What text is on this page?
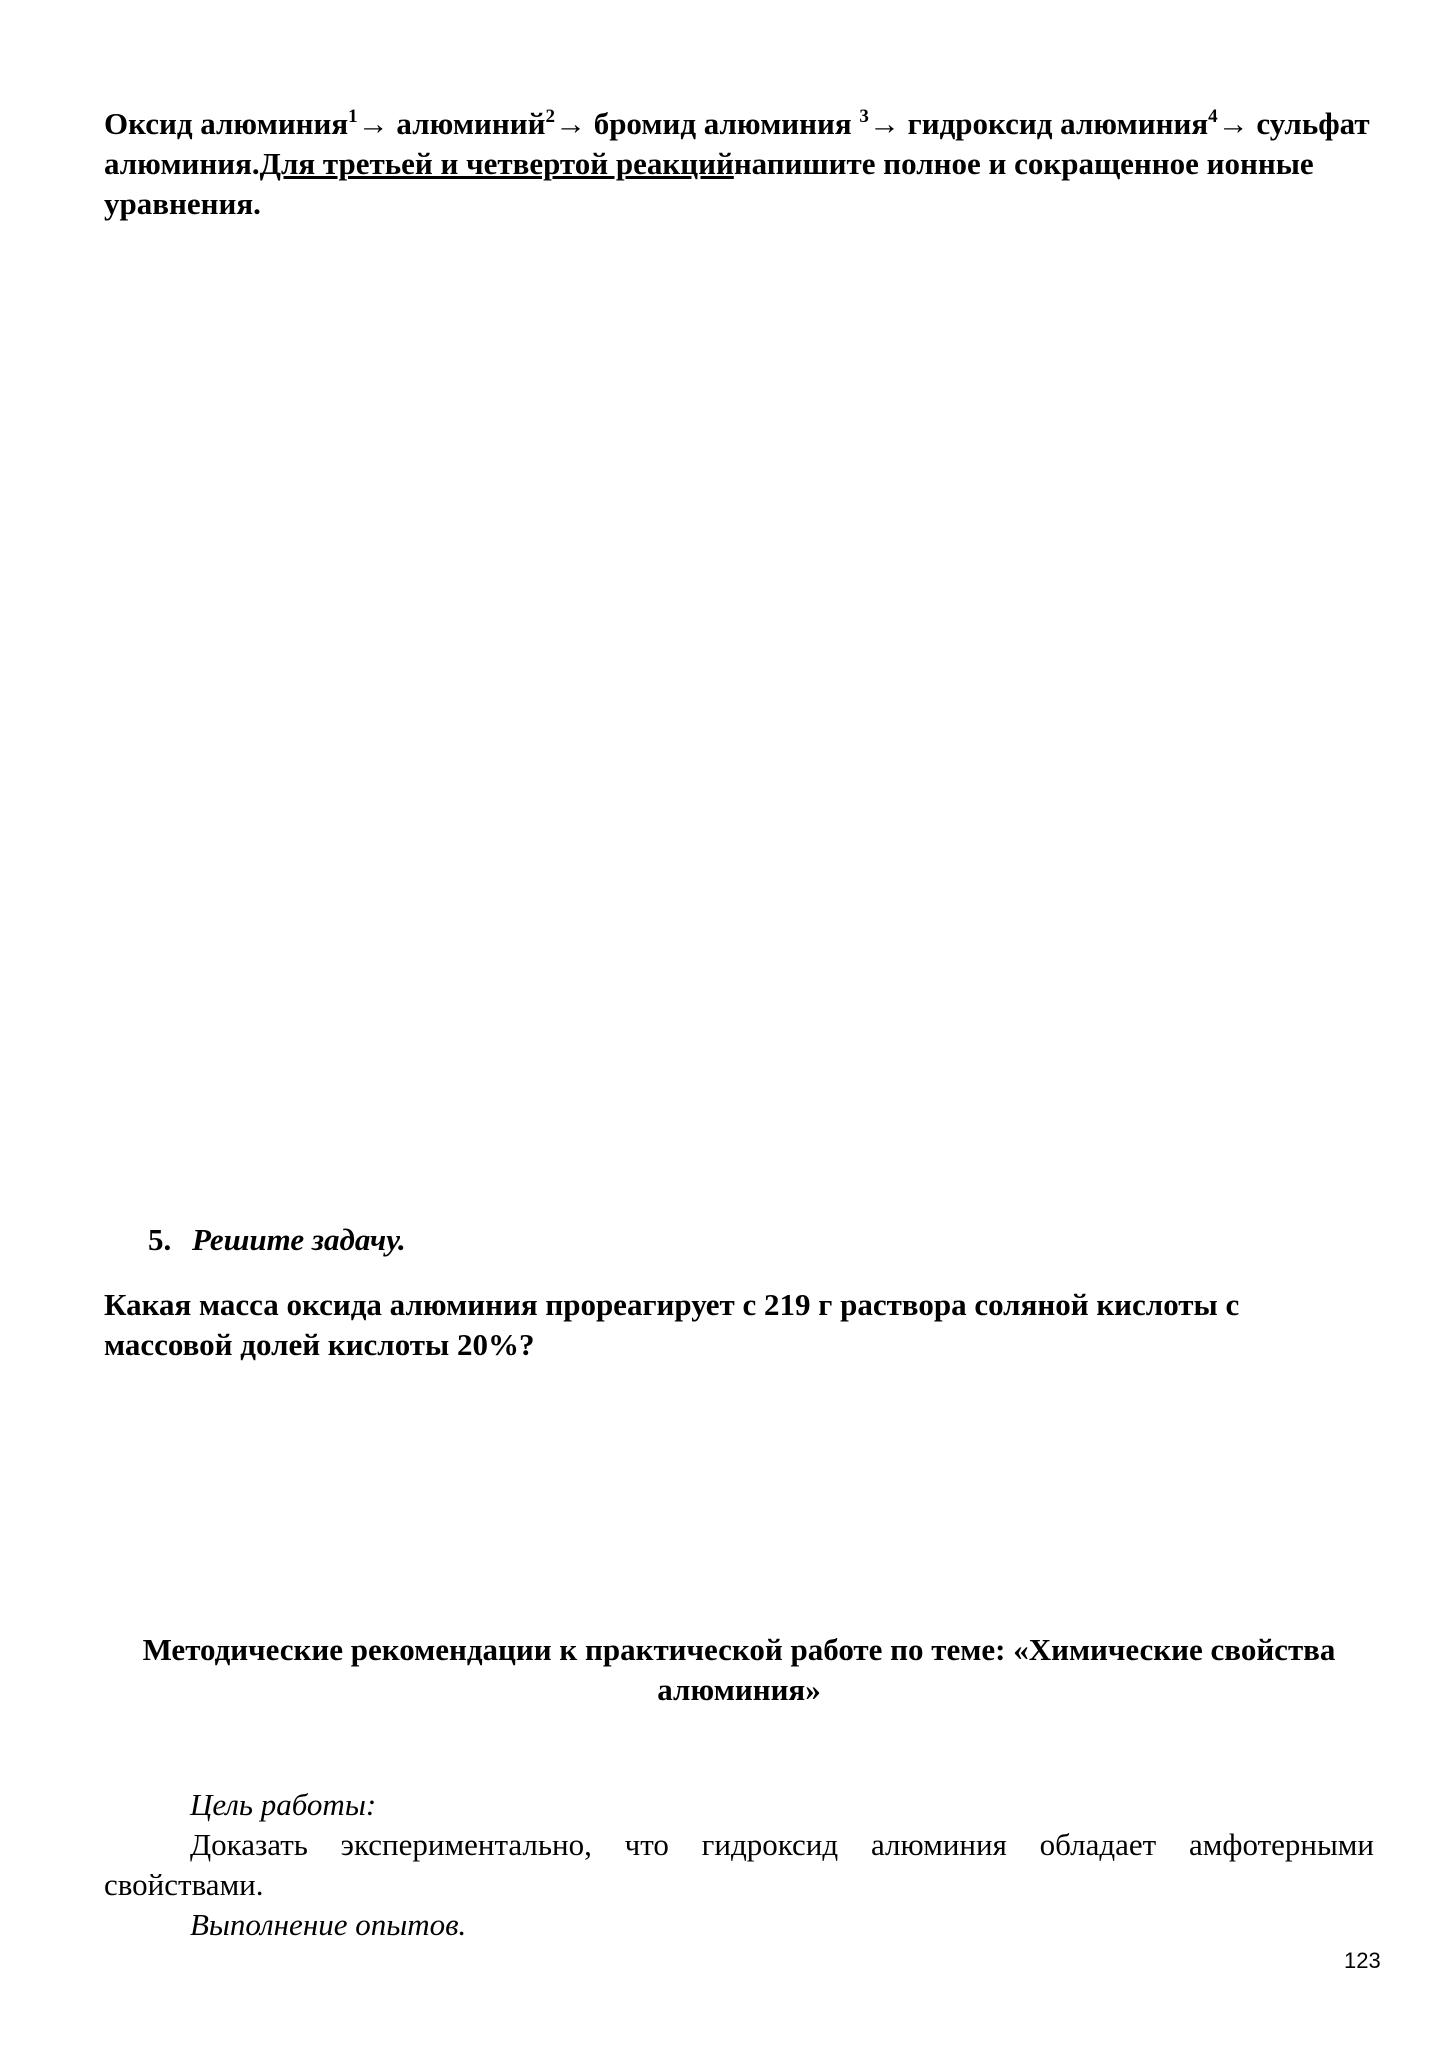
Оксид алюминия$^1$→ алюминий$^2$→ бромид алюминия $^3$→ гидроксид алюминия$^4$→ сульфат алюминия.Для третьей и четвертой реакцийнапишите полное и сокращенное ионные уравнения.
5. Решите задачу.
Какая масса оксида алюминия прореагирует с 219 г раствора соляной кислоты с массовой долей кислоты 20%?
Методические рекомендации к практической работе по теме: «Химические свойства алюминия»

Цель работы:

Доказать экспериментально, что гидроксид алюминия обладает амфотерными свойствами.

Выполнение опытов.

123
